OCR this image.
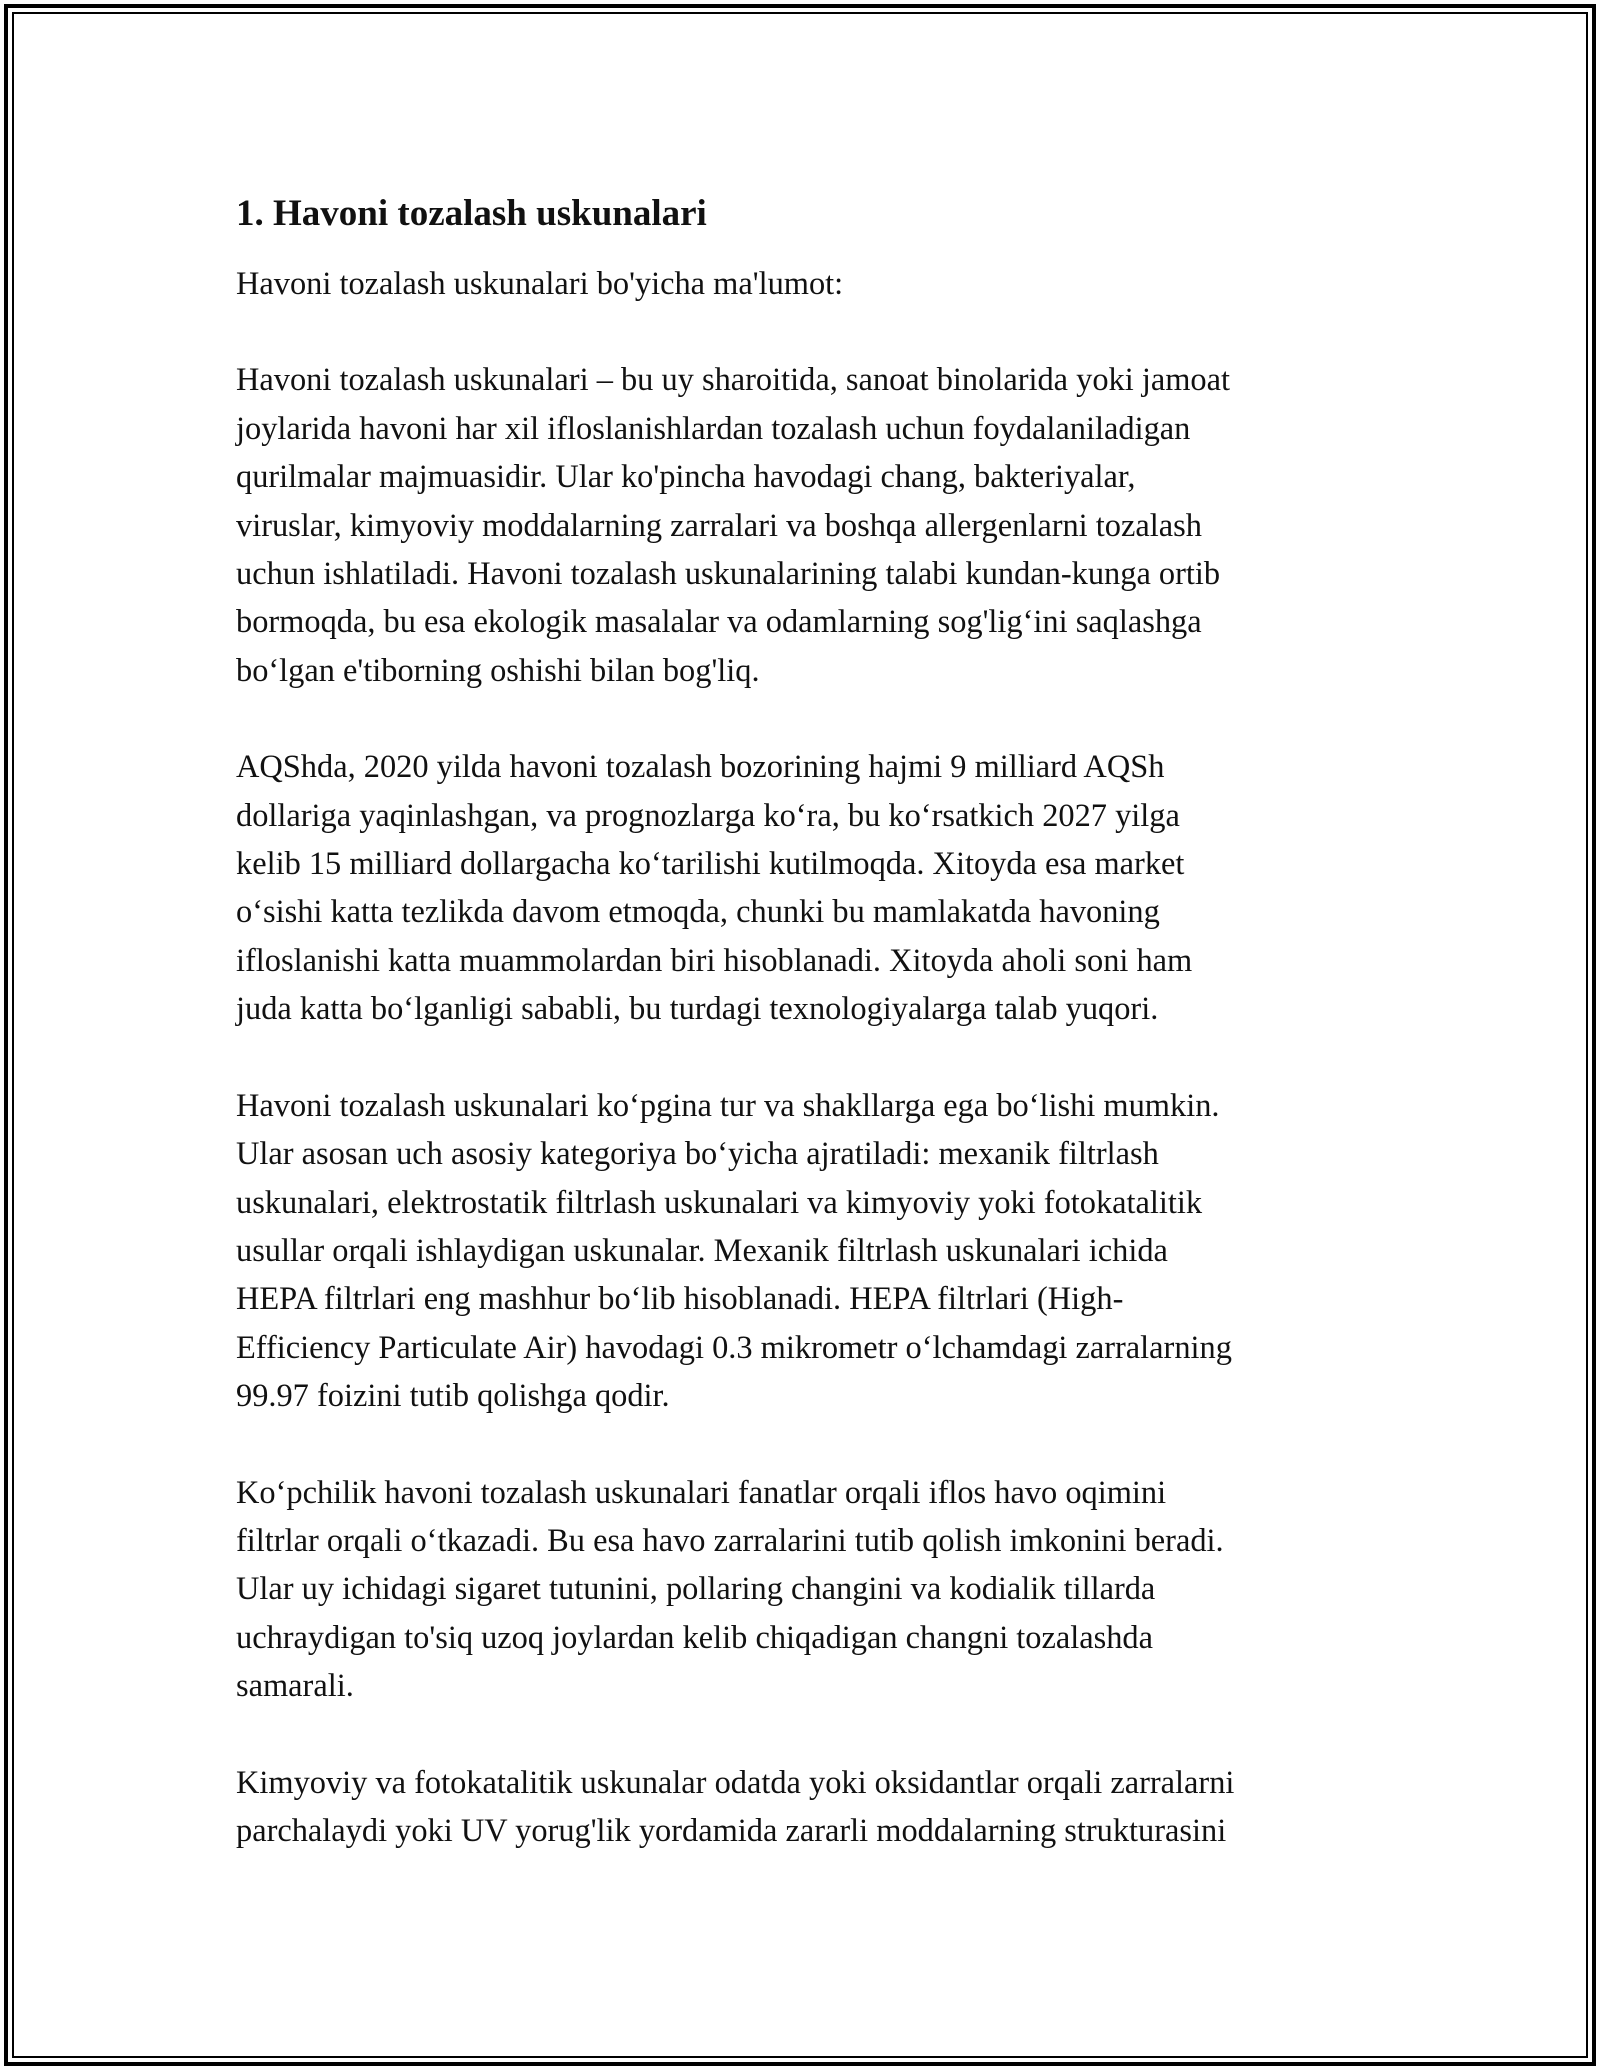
1. Havoni tozalash uskunalari

Havoni tozalash uskunalari bo'yicha ma'lumot:

Havoni tozalash uskunalari – bu uy sharoitida, sanoat binolarida yoki jamoat
joylarida havoni har xil ifloslanishlardan tozalash uchun foydalaniladigan
qurilmalar majmuasidir. Ular ko'pincha havodagi chang, bakteriyalar,
viruslar, kimyoviy moddalarning zarralari va boshqa allergenlarni tozalash
uchun ishlatiladi. Havoni tozalash uskunalarining talabi kundan-kunga ortib
bormoqda, bu esa ekologik masalalar va odamlarning sog'lig‘ini saqlashga
bo‘lgan e'tiborning oshishi bilan bog'liq.

AQShda, 2020 yilda havoni tozalash bozorining hajmi 9 milliard AQSh
dollariga yaqinlashgan, va prognozlarga ko‘ra, bu ko‘rsatkich 2027 yilga
kelib 15 milliard dollargacha ko‘tarilishi kutilmoqda. Xitoyda esa market
o‘sishi katta tezlikda davom etmoqda, chunki bu mamlakatda havoning
ifloslanishi katta muammolardan biri hisoblanadi. Xitoyda aholi soni ham
juda katta bo‘lganligi sababli, bu turdagi texnologiyalarga talab yuqori.

Havoni tozalash uskunalari ko‘pgina tur va shakllarga ega bo‘lishi mumkin.
Ular asosan uch asosiy kategoriya bo‘yicha ajratiladi: mexanik filtrlash
uskunalari, elektrostatik filtrlash uskunalari va kimyoviy yoki fotokatalitik
usullar orqali ishlaydigan uskunalar. Mexanik filtrlash uskunalari ichida
HEPA filtrlari eng mashhur bo‘lib hisoblanadi. HEPA filtrlari (High-
Efficiency Particulate Air) havodagi 0.3 mikrometr o‘lchamdagi zarralarning
99.97 foizini tutib qolishga qodir.

Ko‘pchilik havoni tozalash uskunalari fanatlar orqali iflos havo oqimini
filtrlar orqali o‘tkazadi. Bu esa havo zarralarini tutib qolish imkonini beradi.
Ular uy ichidagi sigaret tutunini, pollaring changini va kodialik tillarda
uchraydigan to'siq uzoq joylardan kelib chiqadigan changni tozalashda
samarali.

Kimyoviy va fotokatalitik uskunalar odatda yoki oksidantlar orqali zarralarni
parchalaydi yoki UV yorug'lik yordamida zararli moddalarning strukturasini
